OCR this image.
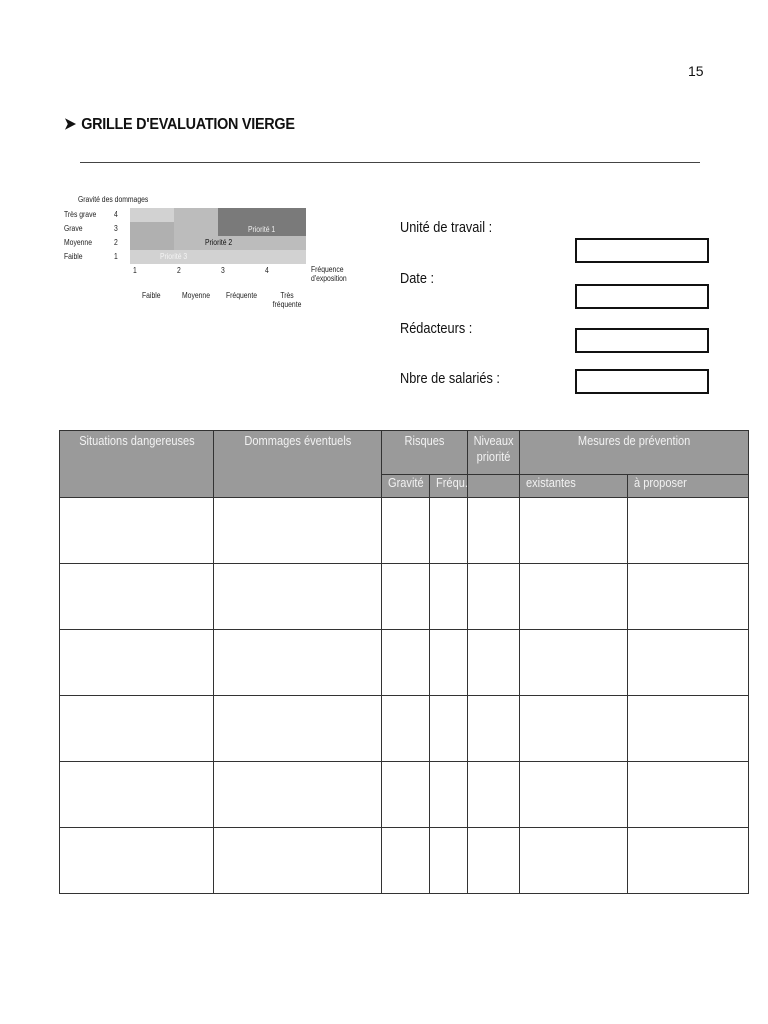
15
➤ GRILLE D'EVALUATION VIERGE
Gravité des dommages
Très grave
Grave
Moyenne
Faible
4
3
2
1
Priorité 1
Priorité 2
Priorité 3
1	2	3	4	Fréquence d'exposition
Faible	Moyenne Fréquente	Très fréquente
Unité de travail :
Date :
Rédacteurs :
Nbre de salariés :
Situations dangereuses	Dommages éventuels	Risques		Niveaux priorité	Mesures de prévention	
		Gravité	Fréqu.		existantes	à proposer
